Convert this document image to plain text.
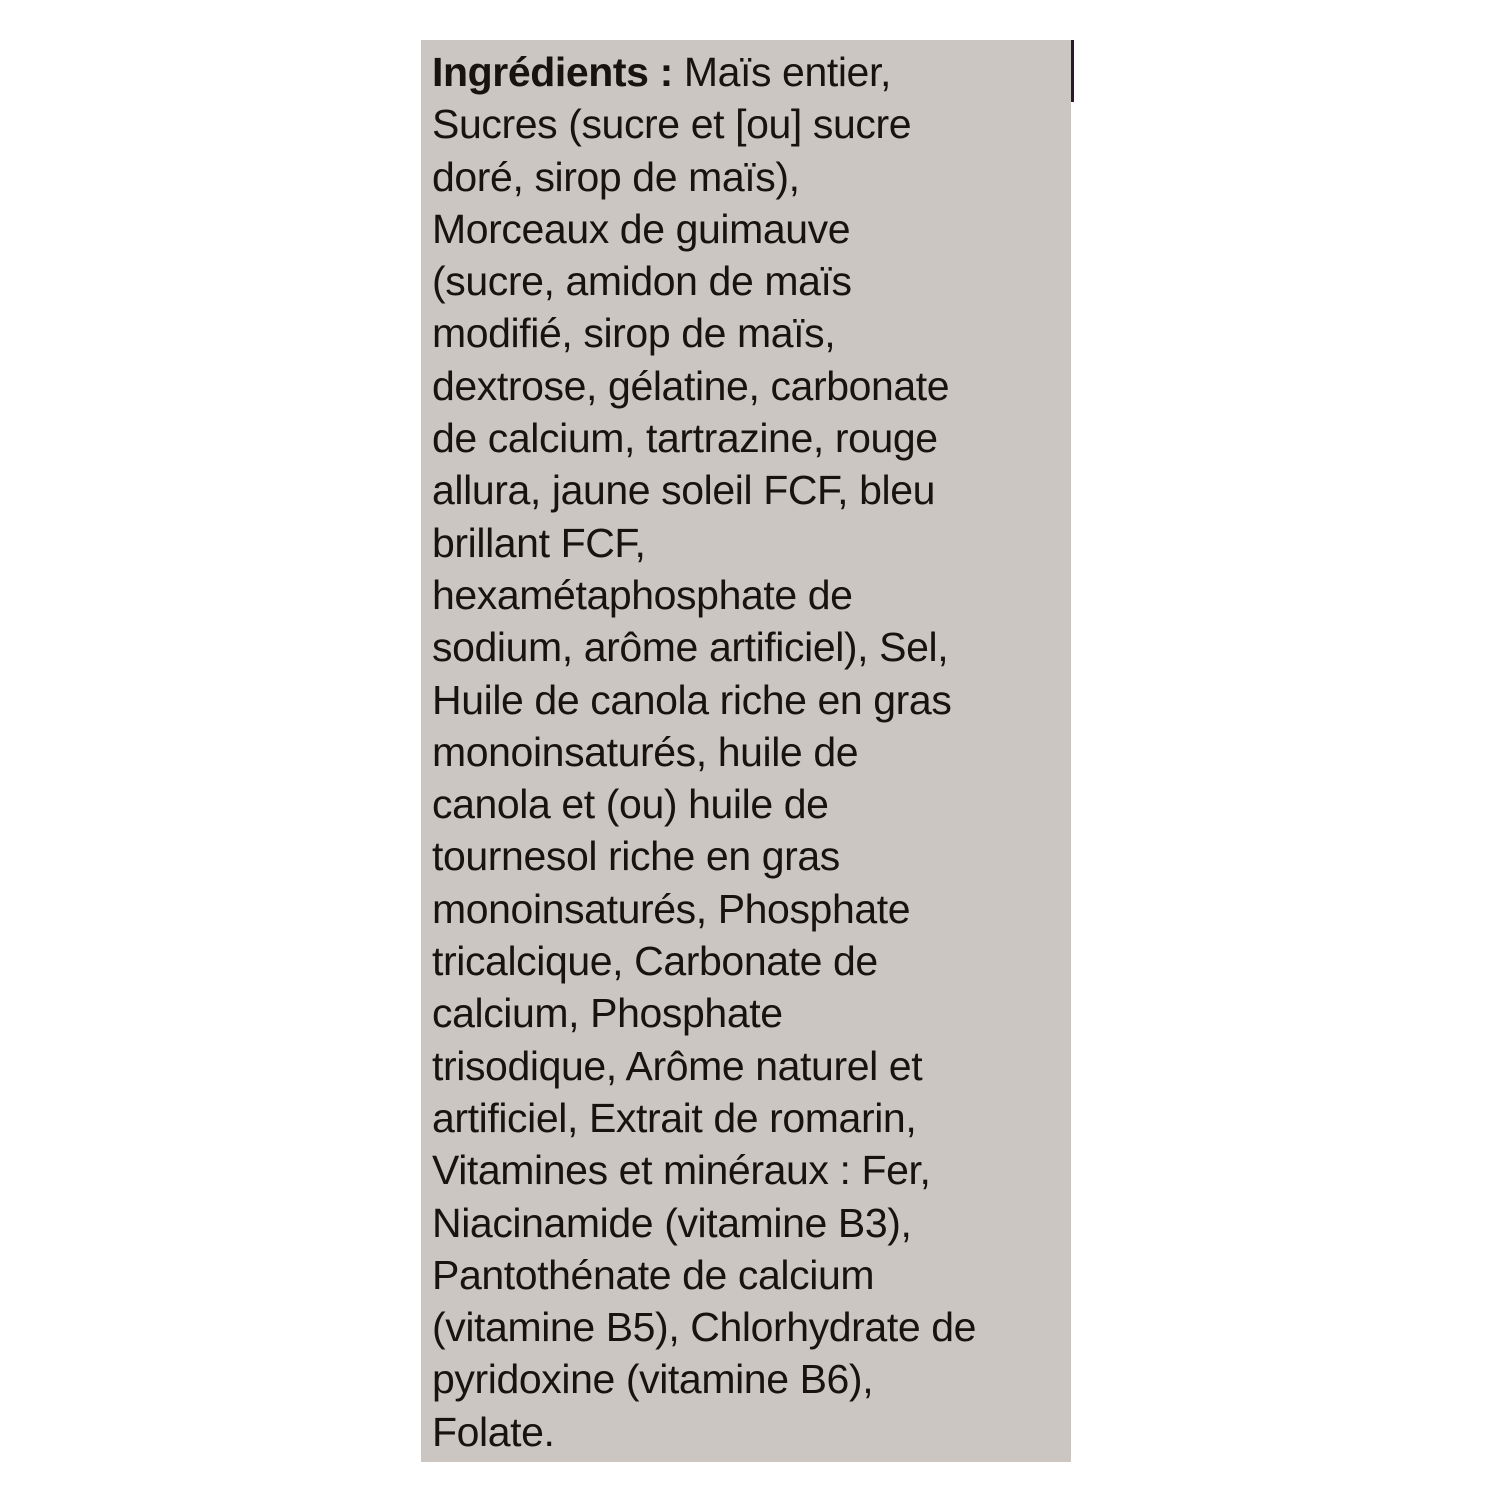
Ingrédients : Maïs entier,
Sucres (sucre et [ou] sucre
doré, sirop de maïs),
Morceaux de guimauve
(sucre, amidon de maïs
modifié, sirop de maïs,
dextrose, gélatine, carbonate
de calcium, tartrazine, rouge
allura, jaune soleil FCF, bleu
brillant FCF,
hexamétaphosphate de
sodium, arôme artificiel), Sel,
Huile de canola riche en gras
monoinsaturés, huile de
canola et (ou) huile de
tournesol riche en gras
monoinsaturés, Phosphate
tricalcique, Carbonate de
calcium, Phosphate
trisodique, Arôme naturel et
artificiel, Extrait de romarin,
Vitamines et minéraux : Fer,
Niacinamide (vitamine B3),
Pantothénate de calcium
(vitamine B5), Chlorhydrate de
pyridoxine (vitamine B6),
Folate.
